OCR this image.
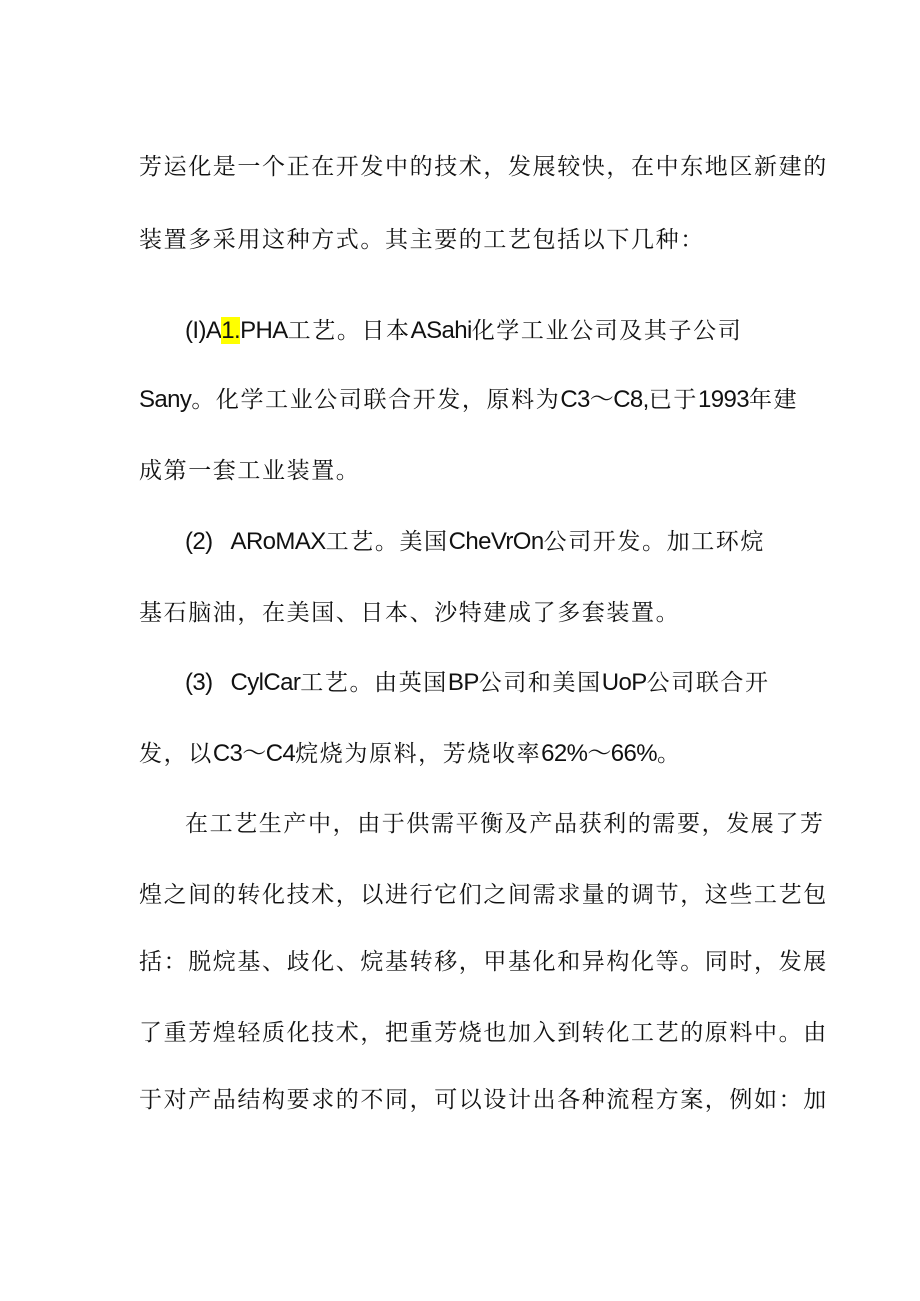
芳运化是一个正在开发中的技术，发展较快，在中东地区新建的
装置多采用这种方式。其主要的工艺包括以下几种：
(I)A1.PHA工艺。日本ASahi化学工业公司及其子公司
Sany。化学工业公司联合开发，原料为C3～C8,已于1993年建
成第一套工业装置。
(2) ARoMAX工艺。美国CheVrOn公司开发。加工环烷
基石脑油，在美国、日本、沙特建成了多套装置。
(3) CylCar工艺。由英国BP公司和美国UoP公司联合开
发，以C3～C4烷烧为原料，芳烧收率62%～66%。
在工艺生产中，由于供需平衡及产品获利的需要，发展了芳
煌之间的转化技术，以进行它们之间需求量的调节，这些工艺包
括：脱烷基、歧化、烷基转移，甲基化和异构化等。同时，发展
了重芳煌轻质化技术，把重芳烧也加入到转化工艺的原料中。由
于对产品结构要求的不同，可以设计出各种流程方案，例如：加
